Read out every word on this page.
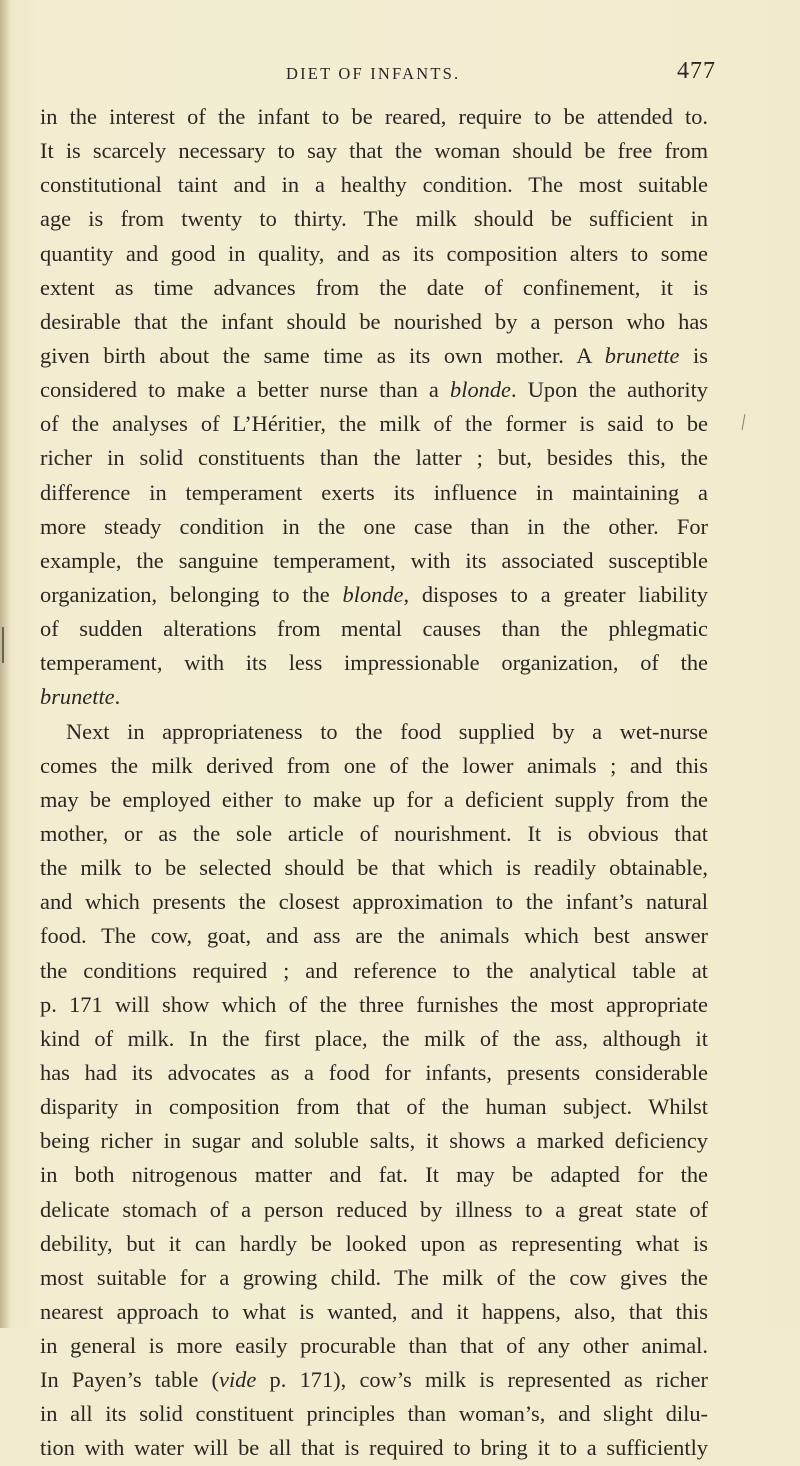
DIET OF INFANTS.	477
in the interest of the infant to be reared, require to be attended to.
It is scarcely necessary to say that the woman should be free from
constitutional taint and in a healthy condition. The most suitable
age is from twenty to thirty. The milk should be sufficient in
quantity and good in quality, and as its composition alters to some
extent as time advances from the date of confinement, it is
desirable that the infant should be nourished by a person who has
given birth about the same time as its own mother. A brunette is
considered to make a better nurse than a blonde. Upon the authority
of the analyses of L’Héritier, the milk of the former is said to be
richer in solid constituents than the latter ; but, besides this, the
difference in temperament exerts its influence in maintaining a
more steady condition in the one case than in the other. For
example, the sanguine temperament, with its associated susceptible
organization, belonging to the blonde, disposes to a greater liability
of sudden alterations from mental causes than the phlegmatic
temperament, with its less impressionable organization, of the
brunette.
Next in appropriateness to the food supplied by a wet-nurse
comes the milk derived from one of the lower animals ; and this
may be employed either to make up for a deficient supply from the
mother, or as the sole article of nourishment. It is obvious that
the milk to be selected should be that which is readily obtainable,
and which presents the closest approximation to the infant’s natural
food. The cow, goat, and ass are the animals which best answer
the conditions required ; and reference to the analytical table at
p. 171 will show which of the three furnishes the most appropriate
kind of milk. In the first place, the milk of the ass, although it
has had its advocates as a food for infants, presents considerable
disparity in composition from that of the human subject. Whilst
being richer in sugar and soluble salts, it shows a marked deficiency
in both nitrogenous matter and fat. It may be adapted for the
delicate stomach of a person reduced by illness to a great state of
debility, but it can hardly be looked upon as representing what is
most suitable for a growing child. The milk of the cow gives the
nearest approach to what is wanted, and it happens, also, that this
in general is more easily procurable than that of any other animal.
In Payen’s table (vide p. 171), cow’s milk is represented as richer
in all its solid constituent principles than woman’s, and slight dilu-
tion with water will be all that is required to bring it to a sufficiently
